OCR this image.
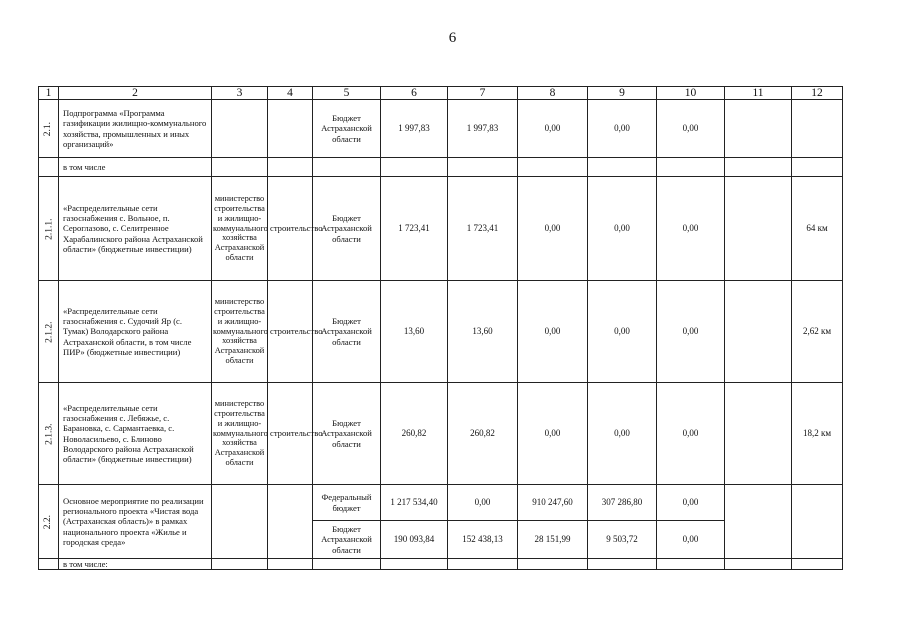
6
1	2	3	4	5	6	7	8	9	10	11	12
2.1.	Подпрограмма «Программа газификации жилищно-коммунального хозяйства, промышленных и иных организаций»			Бюджет Астраханской области	1 997,83	1 997,83	0,00	0,00	0,00		
	в том числе										
2.1.1.	«Распределительные сети газоснабжения с. Вольное, п. Сероглазово, с. Селитренное Харабалинского района Астраханской области» (бюджетные инвестиции)	министерство строительства и жилищно-коммунального хозяйства Астраханской области	строительство	Бюджет Астраханской области	1 723,41	1 723,41	0,00	0,00	0,00		64 км
2.1.2.	«Распределительные сети газоснабжения с. Судочий Яр (с. Тумак) Володарского района Астраханской области, в том числе ПИР» (бюджетные инвестиции)	министерство строительства и жилищно-коммунального хозяйства Астраханской области	строительство	Бюджет Астраханской области	13,60	13,60	0,00	0,00	0,00		2,62 км
2.1.3.	«Распределительные сети газоснабжения с. Лебяжье, с. Барановка, с. Сармантаевка, с. Новоласильево, с. Блиново Володарского района Астраханской области» (бюджетные инвестиции)	министерство строительства и жилищно-коммунального хозяйства Астраханской области	строительство	Бюджет Астраханской области	260,82	260,82	0,00	0,00	0,00		18,2 км
2.2.	Основное мероприятие по реализации регионального проекта «Чистая вода (Астраханская область)» в рамках национального проекта «Жилье и городская среда»			Федеральный бюджет	1 217 534,40	0,00	910 247,60	307 286,80	0,00		
				Бюджет Астраханской области	190 093,84	152 438,13	28 151,99	9 503,72	0,00		
	в том числе:										
